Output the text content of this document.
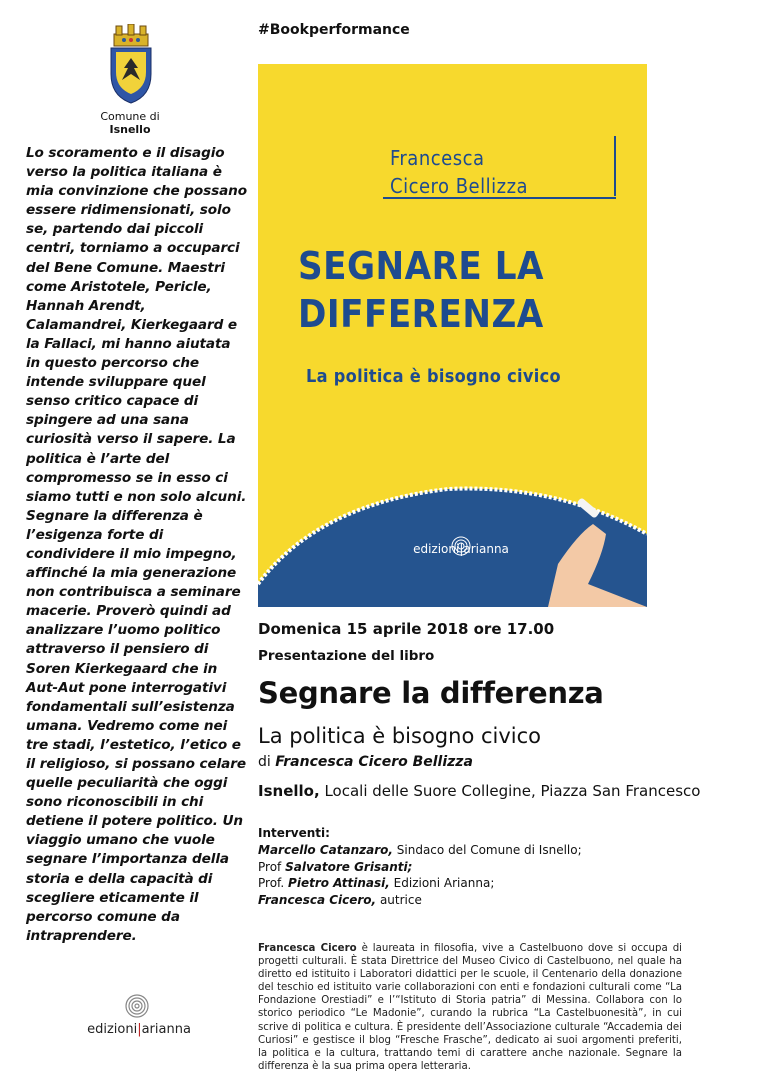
Comune di
Isnello
Lo scoramento e il disagio verso la politica italiana è mia convinzione che possano essere ridimensionati, solo se, partendo dai piccoli centri, torniamo a occuparci del Bene Comune. Maestri come Aristotele, Pericle, Hannah Arendt, Calamandrei, Kierkegaard e la Fallaci, mi hanno aiutata in questo percorso che intende sviluppare quel senso critico capace di spingere ad una sana curiosità verso il sapere. La politica è l’arte del compromesso se in esso ci siamo tutti e non solo alcuni. Segnare la differenza è l’esigenza forte di condividere il mio impegno, affinché la mia generazione non contribuisca a seminare macerie. Proverò quindi ad analizzare l’uomo politico attraverso il pensiero di Soren Kierkegaard che in Aut-Aut pone interrogativi fondamentali sull’esistenza umana. Vedremo come nei tre stadi, l’estetico, l’etico e il religioso, si possano celare quelle peculiarità che oggi sono riconoscibili in chi detiene il potere politico. Un viaggio umano che vuole segnare l’importanza della storia e della capacità di scegliere eticamente il percorso comune da intraprendere.
edizioni|arianna
#Bookperformance
Francesca
Cicero Bellizza
SEGNARE LA
DIFFERENZA
La politica è bisogno civico
edizioni|arianna
Domenica 15 aprile 2018 ore 17.00
Presentazione del libro
Segnare la differenza
La politica è bisogno civico
di Francesca Cicero Bellizza
Isnello, Locali delle Suore Collegine, Piazza San Francesco
Interventi:
Marcello Catanzaro, Sindaco del Comune di Isnello;
Prof Salvatore Grisanti;
Prof. Pietro Attinasi, Edizioni Arianna;
Francesca Cicero, autrice
Francesca Cicero è laureata in filosofia, vive a Castelbuono dove si occupa di progetti culturali. È stata Direttrice del Museo Civico di Castelbuono, nel quale ha diretto ed istituito i Laboratori didattici per le scuole, il Centenario della donazione del teschio ed istituito varie collaborazioni con enti e fondazioni culturali come “La Fondazione Orestiadi” e l’“Istituto di Storia patria” di Messina. Collabora con lo storico periodico “Le Madonie”, curando la rubrica “La Castelbuonesità”, in cui scrive di politica e cultura. È presidente dell’Associazione culturale “Accademia dei Curiosi” e gestisce il blog “Fresche Frasche”, dedicato ai suoi argomenti preferiti, la politica e la cultura, trattando temi di carattere anche nazionale. Segnare la differenza è la sua prima opera letteraria.
